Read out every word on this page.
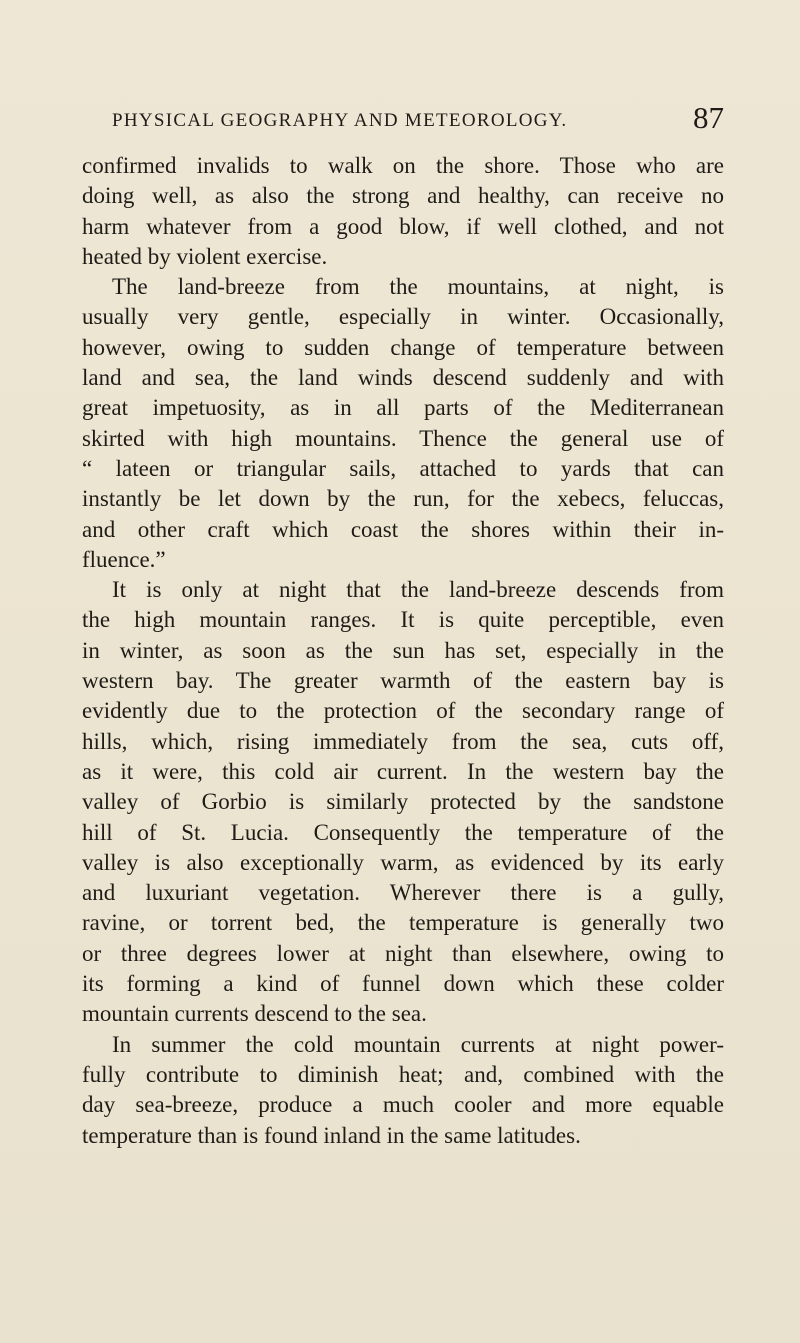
PHYSICAL GEOGRAPHY AND METEOROLOGY.	87
confirmed invalids to walk on the shore. Those who are
doing well, as also the strong and healthy, can receive no
harm whatever from a good blow, if well clothed, and not
heated by violent exercise.
The land-breeze from the mountains, at night, is
usually very gentle, especially in winter. Occasionally,
however, owing to sudden change of temperature between
land and sea, the land winds descend suddenly and with
great impetuosity, as in all parts of the Mediterranean
skirted with high mountains. Thence the general use of
“ lateen or triangular sails, attached to yards that can
instantly be let down by the run, for the xebecs, feluccas,
and other craft which coast the shores within their in-
fluence.”
It is only at night that the land-breeze descends from
the high mountain ranges. It is quite perceptible, even
in winter, as soon as the sun has set, especially in the
western bay. The greater warmth of the eastern bay is
evidently due to the protection of the secondary range of
hills, which, rising immediately from the sea, cuts off,
as it were, this cold air current. In the western bay the
valley of Gorbio is similarly protected by the sandstone
hill of St. Lucia. Consequently the temperature of the
valley is also exceptionally warm, as evidenced by its early
and luxuriant vegetation. Wherever there is a gully,
ravine, or torrent bed, the temperature is generally two
or three degrees lower at night than elsewhere, owing to
its forming a kind of funnel down which these colder
mountain currents descend to the sea.
In summer the cold mountain currents at night power-
fully contribute to diminish heat; and, combined with the
day sea-breeze, produce a much cooler and more equable
temperature than is found inland in the same latitudes.
